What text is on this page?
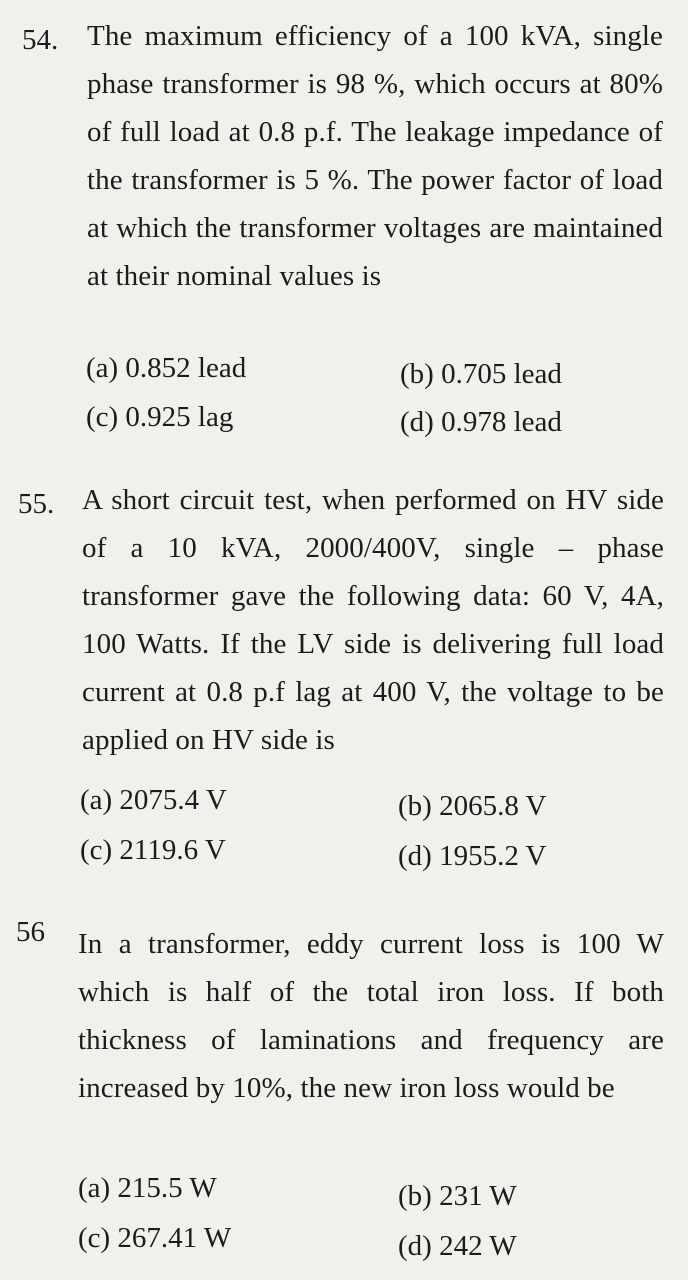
54. The maximum efficiency of a 100 kVA, single phase transformer is 98 %, which occurs at 80% of full load at 0.8 p.f. The leakage impedance of the transformer is 5 %. The power factor of load at which the transformer voltages are maintained at their nominal values is
(a) 0.852 lead	(b) 0.705 lead
(c) 0.925 lag	(d) 0.978 lead
55. A short circuit test, when performed on HV side of a 10 kVA, 2000/400V, single – phase transformer gave the following data: 60 V, 4A, 100 Watts. If the LV side is delivering full load current at 0.8 p.f lag at 400 V, the voltage to be applied on HV side is
(a) 2075.4 V	(b) 2065.8 V
(c) 2119.6 V	(d) 1955.2 V
56 In a transformer, eddy current loss is 100 W which is half of the total iron loss. If both thickness of laminations and frequency are increased by 10%, the new iron loss would be
(a) 215.5 W	(b) 231 W
(c) 267.41 W	(d) 242 W
